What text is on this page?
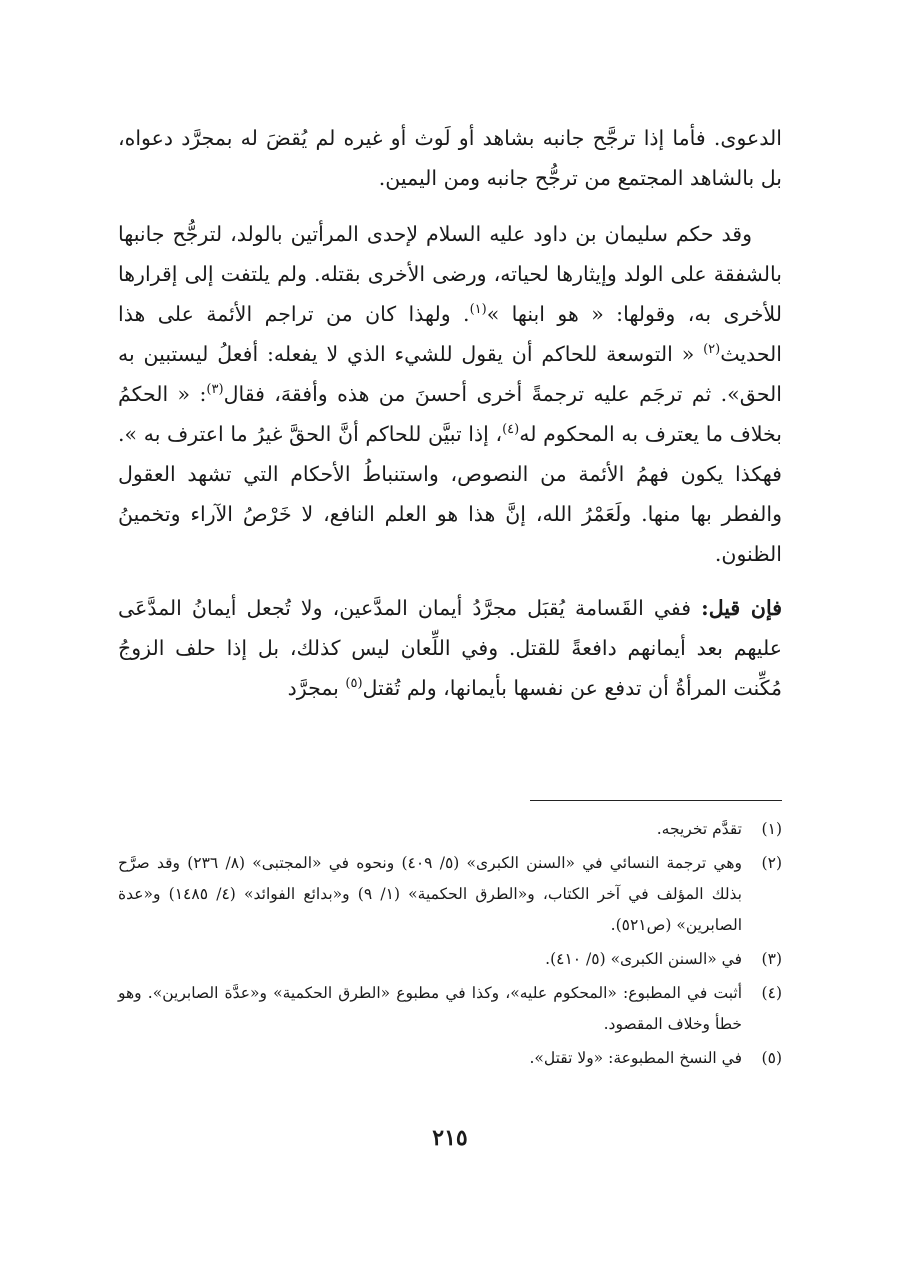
الدعوى. فأما إذا ترجَّح جانبه بشاهد أو لَوث أو غيره لم يُقضَ له بمجرَّد دعواه، بل بالشاهد المجتمع من ترجُّح جانبه ومن اليمين.

وقد حكم سليمان بن داود عليه السلام لإحدى المرأتين بالولد، لترجُّح جانبها بالشفقة على الولد وإيثارها لحياته، ورضى الأخرى بقتله. ولم يلتفت إلى إقرارها للأخرى به، وقولها: « هو ابنها »$^{(١)}$. ولهذا كان من تراجم الأئمة على هذا الحديث$^{(٢)}$ « التوسعة للحاكم أن يقول للشيء الذي لا يفعله: أفعلُ ليستبين به الحق». ثم ترجَم عليه ترجمةً أخرى أحسنَ من هذه وأفقهَ، فقال$^{(٣)}$: « الحكمُ بخلاف ما يعترف به المحكوم له$^{(٤)}$، إذا تبيَّن للحاكم أنَّ الحقَّ غيرُ ما اعترف به ». فهكذا يكون فهمُ الأئمة من النصوص، واستنباطُ الأحكام التي تشهد العقول والفطر بها منها. ولَعَمْرُ الله، إنَّ هذا هو العلم النافع، لا خَرْصُ الآراء وتخمينُ الظنون.

فإن قيل: ففي القَسامة يُقبَل مجرَّدُ أيمان المدَّعين، ولا تُجعل أيمانُ المدَّعَى عليهم بعد أيمانهم دافعةً للقتل. وفي اللِّعان ليس كذلك، بل إذا حلف الزوجُ مُكِّنت المرأةُ أن تدفع عن نفسها بأيمانها، ولم تُقتل$^{(٥)}$ بمجرَّد

(١)
تقدَّم تخريجه.
(٢)
وهي ترجمة النسائي في «السنن الكبرى» (٥/ ٤٠٩) ونحوه في «المجتبى» (٨/ ٢٣٦) وقد صرَّح بذلك المؤلف في آخر الكتاب، و«الطرق الحكمية» (١/ ٩) و«بدائع الفوائد» (٤/ ١٤٨٥) و«عدة الصابرين» (ص٥٢١).
(٣)
في «السنن الكبرى» (٥/ ٤١٠).
(٤)
أثبت في المطبوع: «المحكوم عليه»، وكذا في مطبوع «الطرق الحكمية» و«عدَّة الصابرين». وهو خطأ وخلاف المقصود.
(٥)
في النسخ المطبوعة: «ولا تقتل».
٢١٥
